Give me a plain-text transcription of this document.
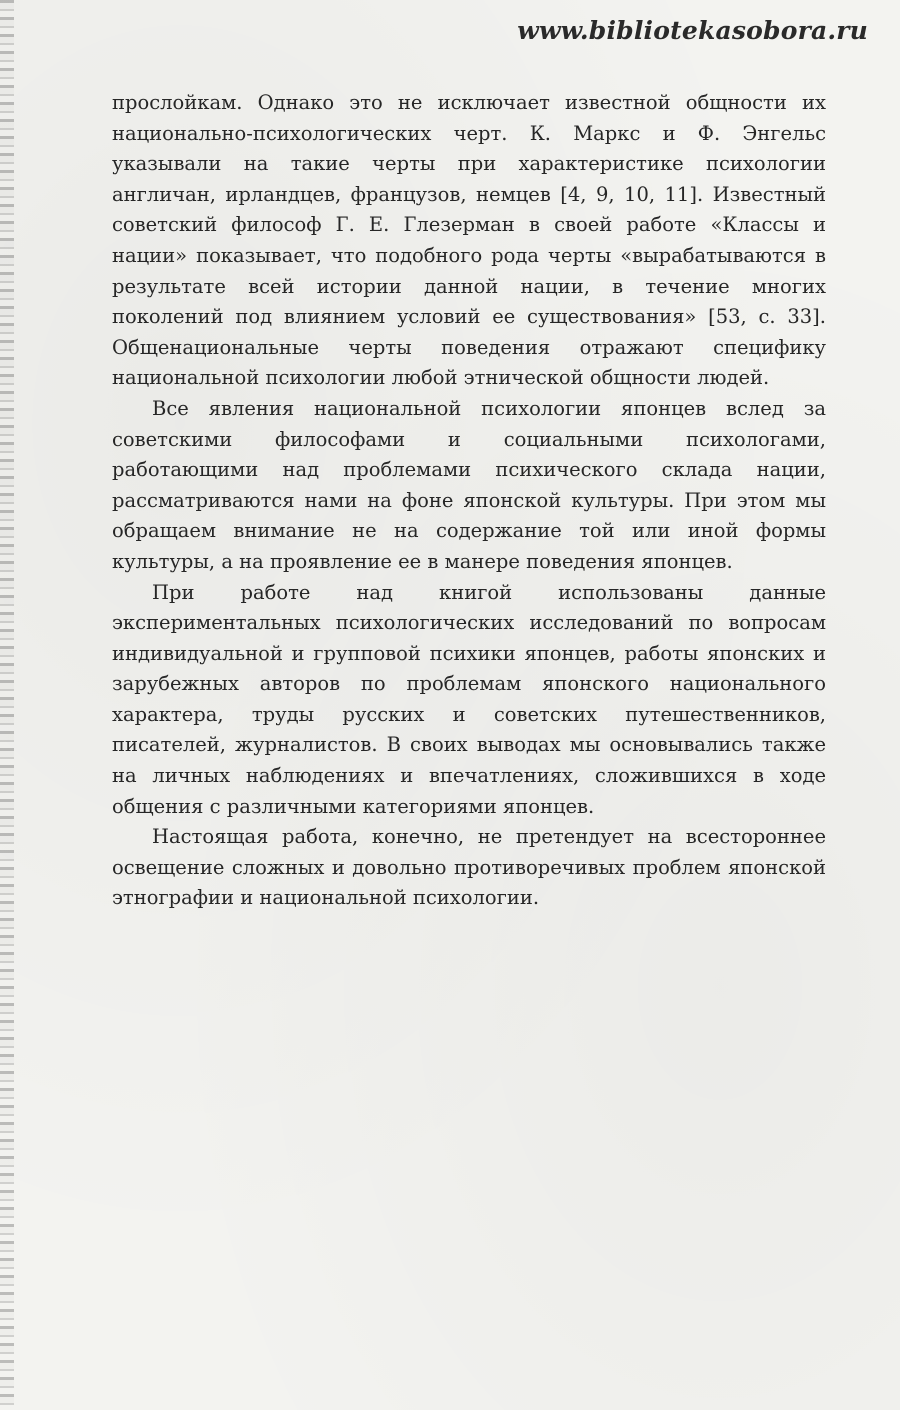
www.bibliotekasobora.ru

прослойкам. Однако это не исключает известной общности их национально-психологических черт. К. Маркс и Ф. Энгельс указывали на такие черты при характеристике психологии англичан, ирландцев, французов, немцев [4, 9, 10, 11]. Известный советский философ Г. Е. Глезерман в своей работе «Классы и нации» показывает, что подобного рода черты «вырабатываются в результате всей истории данной нации, в течение многих поколений под влиянием условий ее существования» [53, с. 33]. Общенациональные черты поведения отражают специфику национальной психологии любой этнической общности людей.

Все явления национальной психологии японцев вслед за советскими философами и социальными психологами, работающими над проблемами психического склада нации, рассматриваются нами на фоне японской культуры. При этом мы обращаем внимание не на содержание той или иной формы культуры, а на проявление ее в манере поведения японцев.

При работе над книгой использованы данные экспериментальных психологических исследований по вопросам индивидуальной и групповой психики японцев, работы японских и зарубежных авторов по проблемам японского национального характера, труды русских и советских путешественников, писателей, журналистов. В своих выводах мы основывались также на личных наблюдениях и впечатлениях, сложившихся в ходе общения с различными категориями японцев.

Настоящая работа, конечно, не претендует на всестороннее освещение сложных и довольно противоречивых проблем японской этнографии и национальной психологии.
